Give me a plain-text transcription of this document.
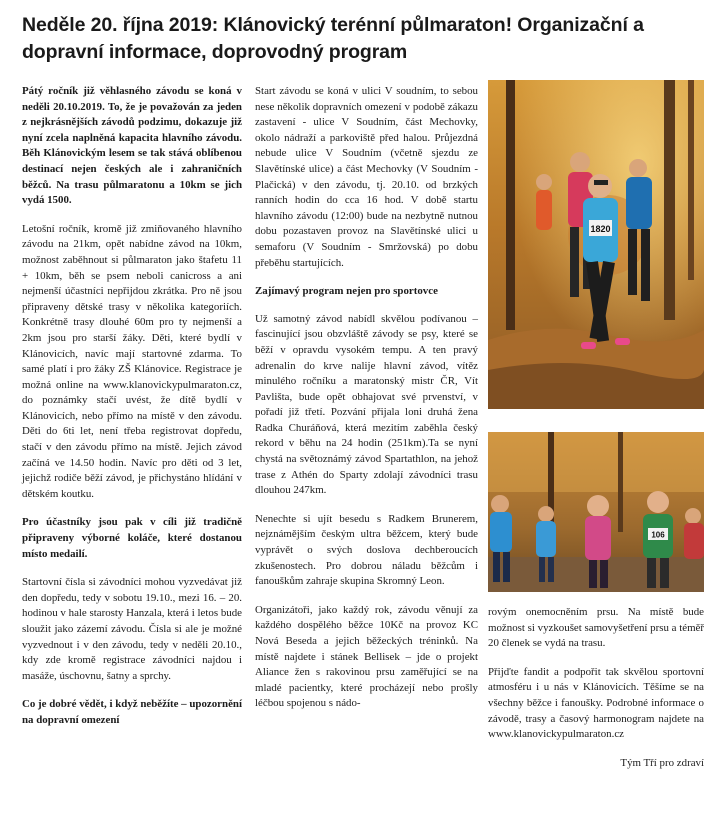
Neděle 20. října 2019: Klánovický terénní půlmaraton! Organizační a dopravní informace, doprovodný program

Pátý ročník již věhlasného závodu se koná v neděli 20.10.2019. To, že je považován za jeden z nejkrásnějších závodů podzimu, dokazuje již nyní zcela naplněná kapacita hlavního závodu. Běh Klánovickým lesem se tak stává oblíbenou destinací nejen českých ale i zahraničních běžců. Na trasu půlmaratonu a 10km se jich vydá 1500.

Letošní ročník, kromě již zmiňovaného hlavního závodu na 21km, opět nabídne závod na 10km, možnost zaběhnout si půlmaraton jako štafetu 11 + 10km, běh se psem neboli canicross a ani nejmenší účastníci nepřijdou zkrátka. Pro ně jsou připraveny dětské trasy v několika kategoriích. Konkrétně trasy dlouhé 60m pro ty nejmenší a 2km jsou pro starší žáky. Děti, které bydlí v Klánovicích, navíc mají startovné zdarma. To samé platí i pro žáky ZŠ Klánovice. Registrace je možná online na www.klanovickypulmaraton.cz, do poznámky stačí uvést, že dítě bydlí v Klánovicích, nebo přímo na místě v den závodu. Děti do 6ti let, není třeba registrovat dopředu, stačí v den závodu přímo na místě. Jejich závod začíná ve 14.50 hodin. Navíc pro děti od 3 let, jejichž rodiče běží závod, je přichystáno hlídání v dětském koutku.

Pro účastníky jsou pak v cíli již tradičně připraveny výborné koláče, které dostanou místo medailí.

Startovní čísla si závodníci mohou vyzvedávat již den dopředu, tedy v sobotu 19.10., mezi 16. – 20. hodinou v hale starosty Hanzala, která i letos bude sloužit jako zázemí závodu. Čísla si ale je možné vyzvednout i v den závodu, tedy v neděli 20.10., kdy zde kromě registrace závodníci najdou i masáže, úschovnu, šatny a sprchy.

Co je dobré vědět, i když neběžíte – upozornění na dopravní omezení

Start závodu se koná v ulici V soudním, to sebou nese několik dopravních omezení v podobě zákazu zastavení - ulice V Soudním, část Mechovky, okolo nádraží a parkoviště před halou. Průjezdná nebude ulice V Soudním (včetně sjezdu ze Slavětínské ulice) a část Mechovky (V Soudním - Plačická) v den závodu, tj. 20.10. od brzkých ranních hodin do cca 16 hod. V době startu hlavního závodu (12:00) bude na nezbytně nutnou dobu pozastaven provoz na Slavětínské ulici u semaforu (V Soudním - Smržovská) po dobu přeběhu startujících.

Zajímavý program nejen pro sportovce

Už samotný závod nabídl skvělou podívanou – fascinující jsou obzvláště závody se psy, které se běží v opravdu vysokém tempu. A ten pravý adrenalin do krve nalije hlavní závod, vítěz minulého ročníku a maratonský mistr ČR, Vít Pavlišta, bude opět obhajovat své prvenství, v pořadí již třetí. Pozvání přijala loni druhá žena Radka Churáňová, která mezitím zaběhla český rekord v běhu na 24 hodin (251km).Ta se nyní chystá na světoznámý závod Spartathlon, na jehož trase z Athén do Sparty zdolají závodníci trasu dlouhou 247km.

Nenechte si ujít besedu s Radkem Brunerem, nejznámějším českým ultra běžcem, který bude vyprávět o svých doslova dechberoucích zkušenostech. Pro dobrou náladu běžcům i fanouškům zahraje skupina Skromný Leon.

Organizátoři, jako každý rok, závodu věnují za každého dospělého běžce 10Kč na provoz KC Nová Beseda a jejich běžeckých tréninků. Na místě najdete i stánek Bellisek – jde o projekt Aliance žen s rakovinou prsu zaměřující se na mladé pacientky, které procházejí nebo prošly léčbou spojenou s nádo-

1820
106

rovým onemocněním prsu. Na místě bude možnost si vyzkoušet samovyšetření prsu a téměř 20 členek se vydá na trasu.

Přijďte fandit a podpořit tak skvělou sportovní atmosféru i u nás v Klánovicích. Těšíme se na všechny běžce i fanoušky. Podrobné informace o závodě, trasy a časový harmonogram najdete na www.klanovickypulmaraton.cz

Tým Tří pro zdraví
